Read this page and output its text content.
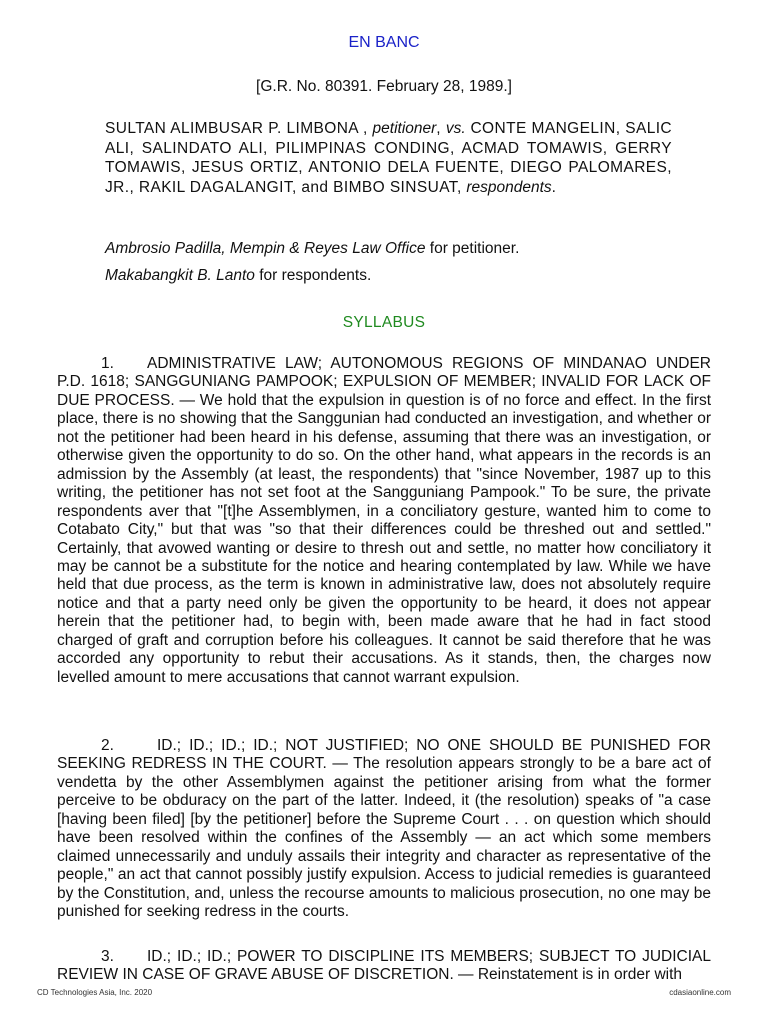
EN BANC
[G.R. No. 80391. February 28, 1989.]
SULTAN ALIMBUSAR P. LIMBONA , petitioner, vs. CONTE MANGELIN, SALIC ALI, SALINDATO ALI, PILIMPINAS CONDING, ACMAD TOMAWIS, GERRY TOMAWIS, JESUS ORTIZ, ANTONIO DELA FUENTE, DIEGO PALOMARES, JR., RAKIL DAGALANGIT, and BIMBO SINSUAT, respondents.
Ambrosio Padilla, Mempin & Reyes Law Office for petitioner.
Makabangkit B. Lanto for respondents.
SYLLABUS
1. ADMINISTRATIVE LAW; AUTONOMOUS REGIONS OF MINDANAO UNDER P.D. 1618; SANGGUNIANG PAMPOOK; EXPULSION OF MEMBER; INVALID FOR LACK OF DUE PROCESS. — We hold that the expulsion in question is of no force and effect. In the first place, there is no showing that the Sanggunian had conducted an investigation, and whether or not the petitioner had been heard in his defense, assuming that there was an investigation, or otherwise given the opportunity to do so. On the other hand, what appears in the records is an admission by the Assembly (at least, the respondents) that "since November, 1987 up to this writing, the petitioner has not set foot at the Sangguniang Pampook." To be sure, the private respondents aver that "[t]he Assemblymen, in a conciliatory gesture, wanted him to come to Cotabato City," but that was "so that their differences could be threshed out and settled." Certainly, that avowed wanting or desire to thresh out and settle, no matter how conciliatory it may be cannot be a substitute for the notice and hearing contemplated by law. While we have held that due process, as the term is known in administrative law, does not absolutely require notice and that a party need only be given the opportunity to be heard, it does not appear herein that the petitioner had, to begin with, been made aware that he had in fact stood charged of graft and corruption before his colleagues. It cannot be said therefore that he was accorded any opportunity to rebut their accusations. As it stands, then, the charges now levelled amount to mere accusations that cannot warrant expulsion.
2.	ID.; ID.; ID.; ID.; NOT JUSTIFIED; NO ONE SHOULD BE PUNISHED FOR SEEKING REDRESS IN THE COURT. — The resolution appears strongly to be a bare act of vendetta by the other Assemblymen against the petitioner arising from what the former perceive to be obduracy on the part of the latter. Indeed, it (the resolution) speaks of "a case [having been filed] [by the petitioner] before the Supreme Court . . . on question which should have been resolved within the confines of the Assembly — an act which some members claimed unnecessarily and unduly assails their integrity and character as representative of the people," an act that cannot possibly justify expulsion. Access to judicial remedies is guaranteed by the Constitution, and, unless the recourse amounts to malicious prosecution, no one may be punished for seeking redress in the courts.
3. ID.; ID.; ID.; POWER TO DISCIPLINE ITS MEMBERS; SUBJECT TO JUDICIAL REVIEW IN CASE OF GRAVE ABUSE OF DISCRETION. — Reinstatement is in order with
CD Technologies Asia, Inc. 2020	cdasiaonline.com
